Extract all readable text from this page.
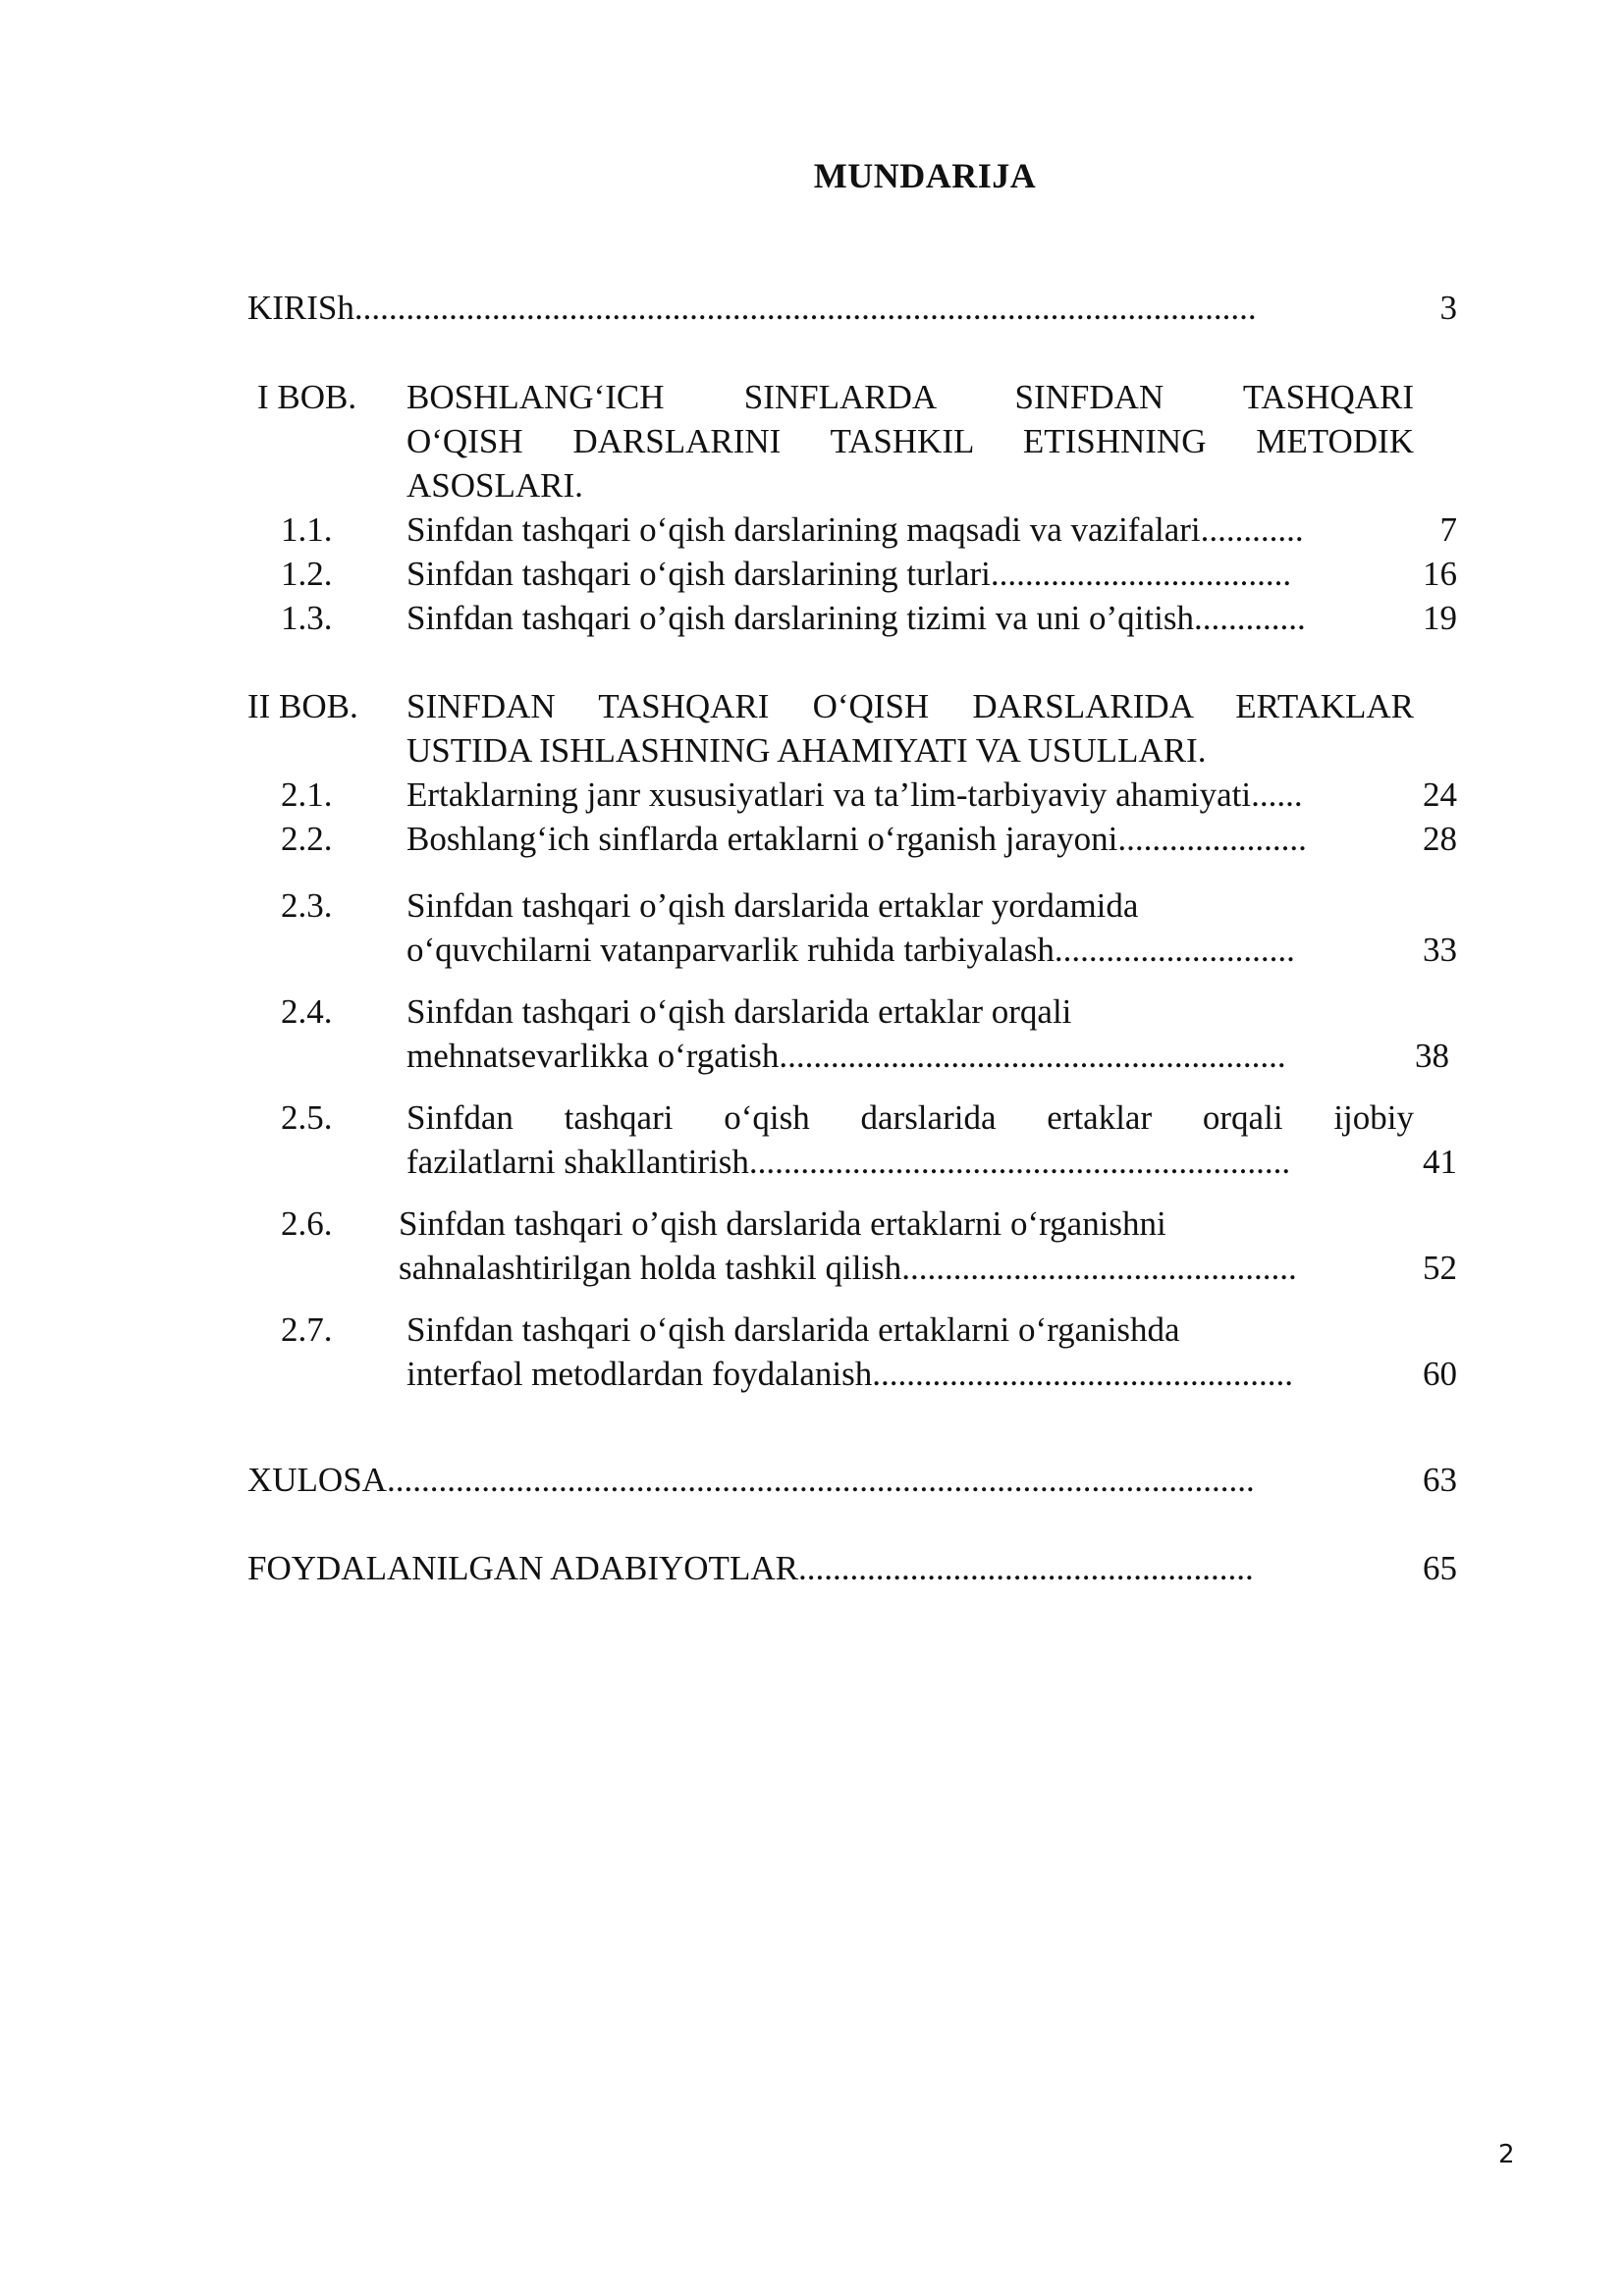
MUNDARIJA
KIRISh.........................................................................................................	3
I BOB. BOSHLANG‘ICH SINFLARDA SINFDAN TASHQARI
O‘QISH DARSLARINI TASHKIL ETISHNING METODIK
ASOSLARI.
1.1. Sinfdan tashqari o‘qish darslarining maqsadi va vazifalari............	7
1.2. Sinfdan tashqari o‘qish darslarining turlari...................................	16
1.3. Sinfdan tashqari o’qish darslarining tizimi va uni o’qitish.............	19
II BOB. SINFDAN TASHQARI O‘QISH DARSLARIDA ERTAKLAR
USTIDA ISHLASHNING AHAMIYATI VA USULLARI.
2.1. Ertaklarning janr xususiyatlari va ta’lim-tarbiyaviy ahamiyati......	24
2.2. Boshlang‘ich sinflarda ertaklarni o‘rganish jarayoni......................	28
2.3. Sinfdan tashqari o’qish darslarida ertaklar yordamida
o‘quvchilarni vatanparvarlik ruhida tarbiyalash............................	33
2.4. Sinfdan tashqari o‘qish darslarida ertaklar orqali
mehnatsevarlikka o‘rgatish...........................................................	38
2.5. Sinfdan tashqari o‘qish darslarida ertaklar orqali ijobiy
fazilatlarni shakllantirish...............................................................	41
2.6. Sinfdan tashqari o’qish darslarida ertaklarni o‘rganishni
sahnalashtirilgan holda tashkil qilish..............................................	52
2.7. Sinfdan tashqari o‘qish darslarida ertaklarni o‘rganishda
interfaol metodlardan foydalanish.................................................	60
XULOSA.....................................................................................................	63
FOYDALANILGAN ADABIYOTLAR.....................................................	65
2
